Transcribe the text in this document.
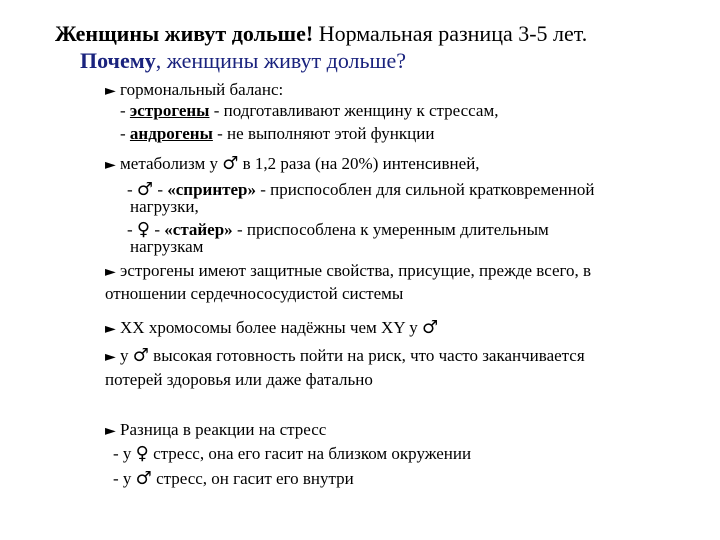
Женщины живут дольше! Нормальная разница 3-5 лет.
Почему, женщины живут дольше?
► гормональный баланс:
- эстрогены - подготавливают женщину к стрессам,
- андрогены - не выполняют этой функции
► метаболизм у ♂ в 1,2 раза (на 20%) интенсивней,
- ♂ - «спринтер» - приспособлен для сильной кратковременной
нагрузки,
- ♀ - «стайер» - приспособлена к умеренным длительным
нагрузкам
► эстрогены имеют защитные свойства, присущие, прежде всего, в
отношении сердечнососудистой системы
► XX хромосомы более надёжны чем XY у ♂
► у ♂ высокая готовность пойти на риск, что часто заканчивается
потерей здоровья или даже фатально
► Разница в реакции на стресс
- у ♀ стресс, она его гасит на близком окружении
- у ♂ стресс, он гасит его внутри
